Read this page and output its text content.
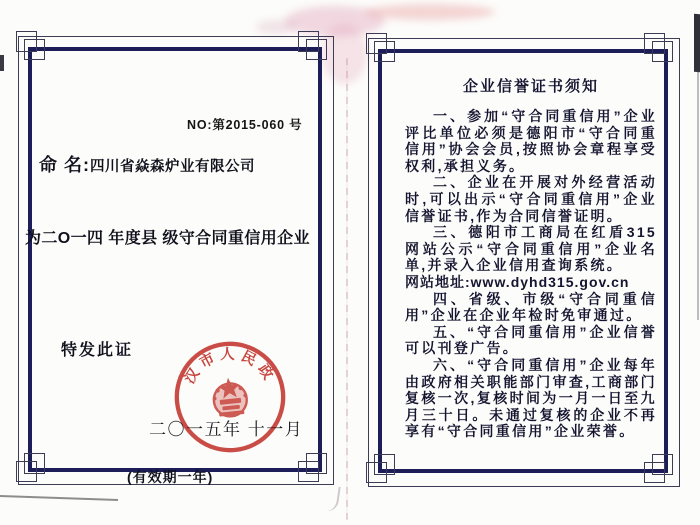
NO:第2015-060 号
命 名:四川省焱森炉业有限公司
为二O一四 年度县 级守合同重信用企业
特发此证
二〇一五年 十一月
(有效期一年)
汉市人民政
企业信誉证书须知

一、参加“守合同重信用”企业评比单位必须是德阳市“守合同重信用”协会会员,按照协会章程享受权利,承担义务。

二、企业在开展对外经营活动时,可以出示“守合同重信用”企业信誉证书,作为合同信誉证明。

三、德阳市工商局在红盾315网站公示“守合同重信用”企业名单,并录入企业信用查询系统。

网站地址:www.dyhd315.gov.cn

四、省级、市级“守合同重信用”企业在企业年检时免审通过。

五、“守合同重信用”企业信誉可以刊登广告。

六、“守合同重信用”企业每年由政府相关职能部门审查,工商部门复核一次,复核时间为一月一日至九月三十日。未通过复核的企业不再享有“守合同重信用”企业荣誉。
